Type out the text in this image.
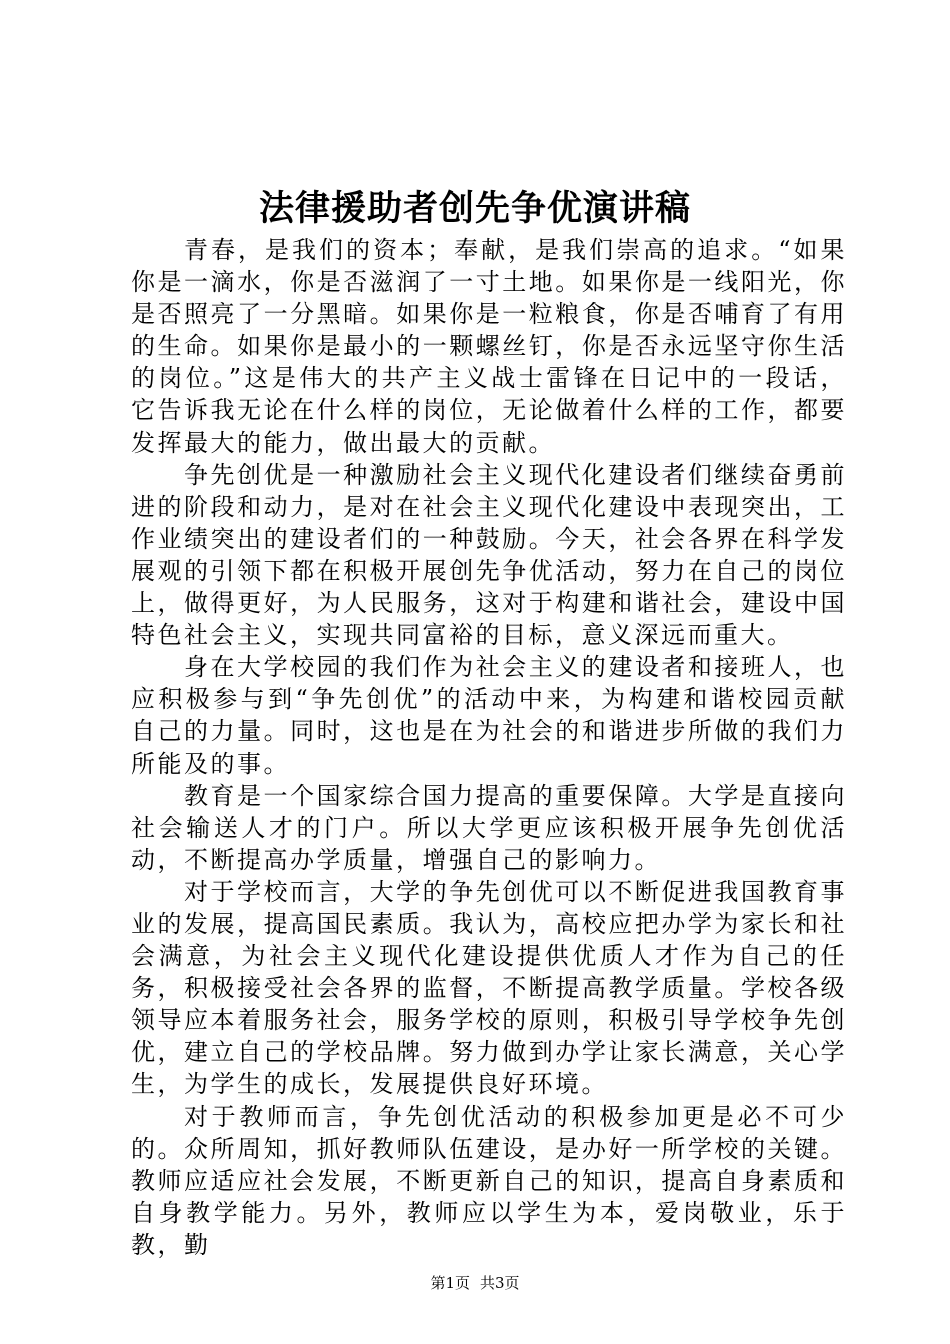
法律援助者创先争优演讲稿

青春，是我们的资本；奉献，是我们崇高的追求。“如果你是一滴水，你是否滋润了一寸土地。如果你是一线阳光，你是否照亮了一分黑暗。如果你是一粒粮食，你是否哺育了有用的生命。如果你是最小的一颗螺丝钉，你是否永远坚守你生活的岗位。”这是伟大的共产主义战士雷锋在日记中的一段话，它告诉我无论在什么样的岗位，无论做着什么样的工作，都要发挥最大的能力，做出最大的贡献。

争先创优是一种激励社会主义现代化建设者们继续奋勇前进的阶段和动力，是对在社会主义现代化建设中表现突出，工作业绩突出的建设者们的一种鼓励。今天，社会各界在科学发展观的引领下都在积极开展创先争优活动，努力在自己的岗位上，做得更好，为人民服务，这对于构建和谐社会，建设中国特色社会主义，实现共同富裕的目标，意义深远而重大。

身在大学校园的我们作为社会主义的建设者和接班人，也应积极参与到“争先创优”的活动中来，为构建和谐校园贡献自己的力量。同时，这也是在为社会的和谐进步所做的我们力所能及的事。

教育是一个国家综合国力提高的重要保障。大学是直接向社会输送人才的门户。所以大学更应该积极开展争先创优活动，不断提高办学质量，增强自己的影响力。

对于学校而言，大学的争先创优可以不断促进我国教育事业的发展，提高国民素质。我认为，高校应把办学为家长和社会满意，为社会主义现代化建设提供优质人才作为自己的任务，积极接受社会各界的监督，不断提高教学质量。学校各级领导应本着服务社会，服务学校的原则，积极引导学校争先创优，建立自己的学校品牌。努力做到办学让家长满意，关心学生，为学生的成长，发展提供良好环境。

对于教师而言，争先创优活动的积极参加更是必不可少的。众所周知，抓好教师队伍建设，是办好一所学校的关键。教师应适应社会发展，不断更新自己的知识，提高自身素质和自身教学能力。另外，教师应以学生为本，爱岗敬业，乐于教，勤

第1页 共3页
